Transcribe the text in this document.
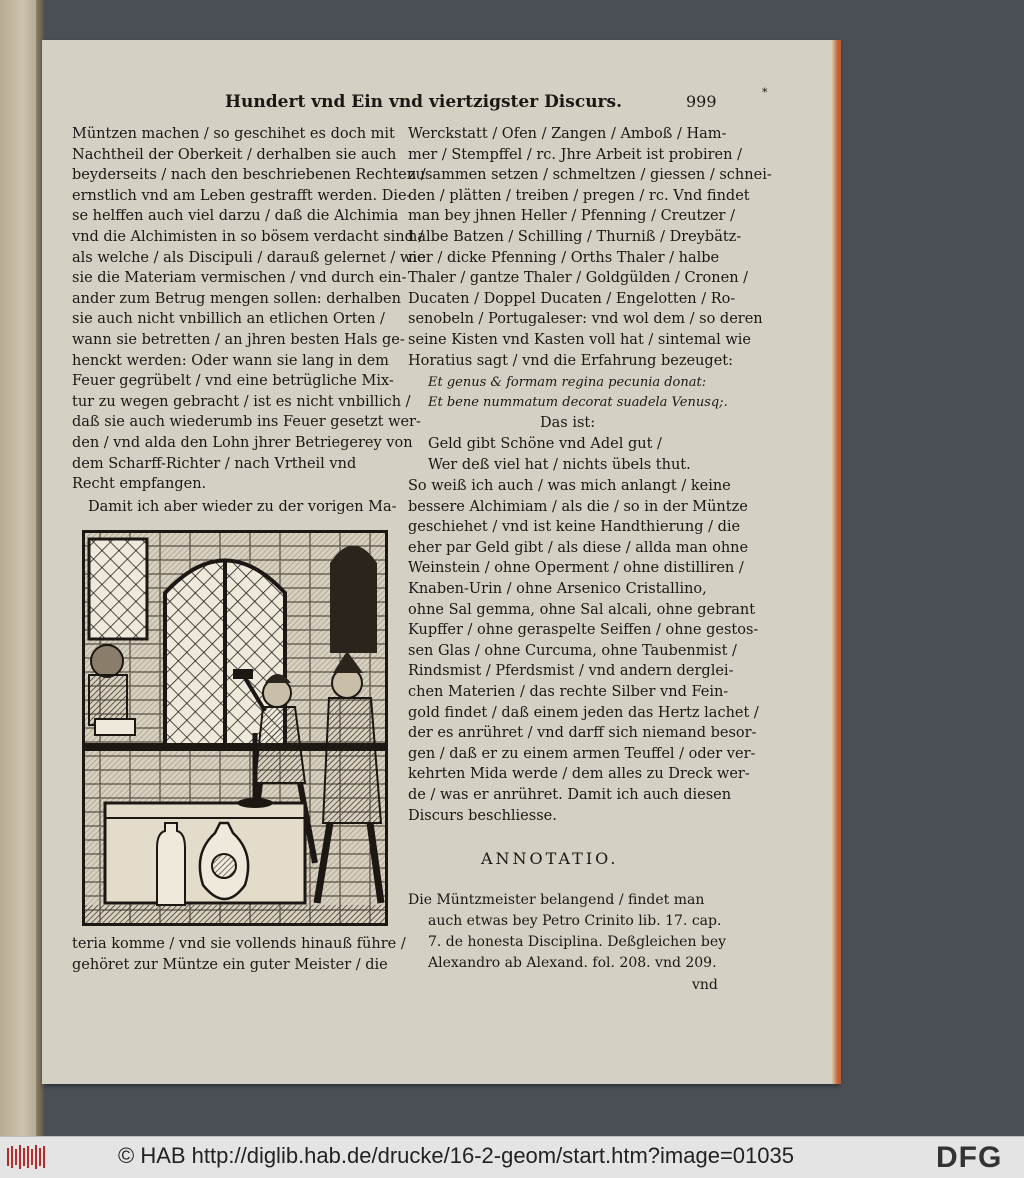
Hundert vnd Ein vnd viertzigster Discurs.	999	*
Müntzen machen / so geschihet es doch mit
Nachtheil der Oberkeit / derhalben sie auch
beyderseits / nach den beschriebenen Rechten /
ernstlich vnd am Leben gestrafft werden. Die-
se helffen auch viel darzu / daß die Alchimia
vnd die Alchimisten in so bösem verdacht sind /
als welche / als Discipuli / darauß gelernet / wie
sie die Materiam vermischen / vnd durch ein-
ander zum Betrug mengen sollen: derhalben
sie auch nicht vnbillich an etlichen Orten /
wann sie betretten / an jhren besten Hals ge-
henckt werden: Oder wann sie lang in dem
Feuer gegrübelt / vnd eine betrügliche Mix-
tur zu wegen gebracht / ist es nicht vnbillich /
daß sie auch wiederumb ins Feuer gesetzt wer-
den / vnd alda den Lohn jhrer Betriegerey von
dem Scharff-Richter / nach Vrtheil vnd
Recht empfangen.
Damit ich aber wieder zu der vorigen Ma-
teria komme / vnd sie vollends hinauß führe /
gehöret zur Müntze ein guter Meister / die
Werckstatt / Ofen / Zangen / Amboß / Ham-
mer / Stempffel / rc. Jhre Arbeit ist probiren /
zusammen setzen / schmeltzen / giessen / schnei-
den / plätten / treiben / pregen / rc. Vnd findet
man bey jhnen Heller / Pfenning / Creutzer /
halbe Batzen / Schilling / Thurniß / Dreybätz-
ner / dicke Pfenning / Orths Thaler / halbe
Thaler / gantze Thaler / Goldgülden / Cronen /
Ducaten / Doppel Ducaten / Engelotten / Ro-
senobeln / Portugaleser: vnd wol dem / so deren
seine Kisten vnd Kasten voll hat / sintemal wie
Horatius sagt / vnd die Erfahrung bezeuget:
Et genus & formam regina pecunia donat:
Et bene nummatum decorat suadela Venusq;.
Das ist:
Geld gibt Schöne vnd Adel gut /
Wer deß viel hat / nichts übels thut.
So weiß ich auch / was mich anlangt / keine
bessere Alchimiam / als die / so in der Müntze
geschiehet / vnd ist keine Handthierung / die
eher par Geld gibt / als diese / allda man ohne
Weinstein / ohne Operment / ohne distilliren /
Knaben-Urin / ohne Arsenico Cristallino,
ohne Sal gemma, ohne Sal alcali, ohne gebrant
Kupffer / ohne geraspelte Seiffen / ohne gestos-
sen Glas / ohne Curcuma, ohne Taubenmist /
Rindsmist / Pferdsmist / vnd andern derglei-
chen Materien / das rechte Silber vnd Fein-
gold findet / daß einem jeden das Hertz lachet /
der es anrühret / vnd darff sich niemand besor-
gen / daß er zu einem armen Teuffel / oder ver-
kehrten Mida werde / dem alles zu Dreck wer-
de / was er anrühret. Damit ich auch diesen
Discurs beschliesse.
ANNOTATIO.
Die Müntzmeister belangend / findet man
auch etwas bey Petro Crinito lib. 17. cap.
7. de honesta Disciplina. Deßgleichen bey
Alexandro ab Alexand. fol. 208. vnd 209.
vnd
© HAB http://diglib.hab.de/drucke/16-2-geom/start.htm?image=01035	DFG
